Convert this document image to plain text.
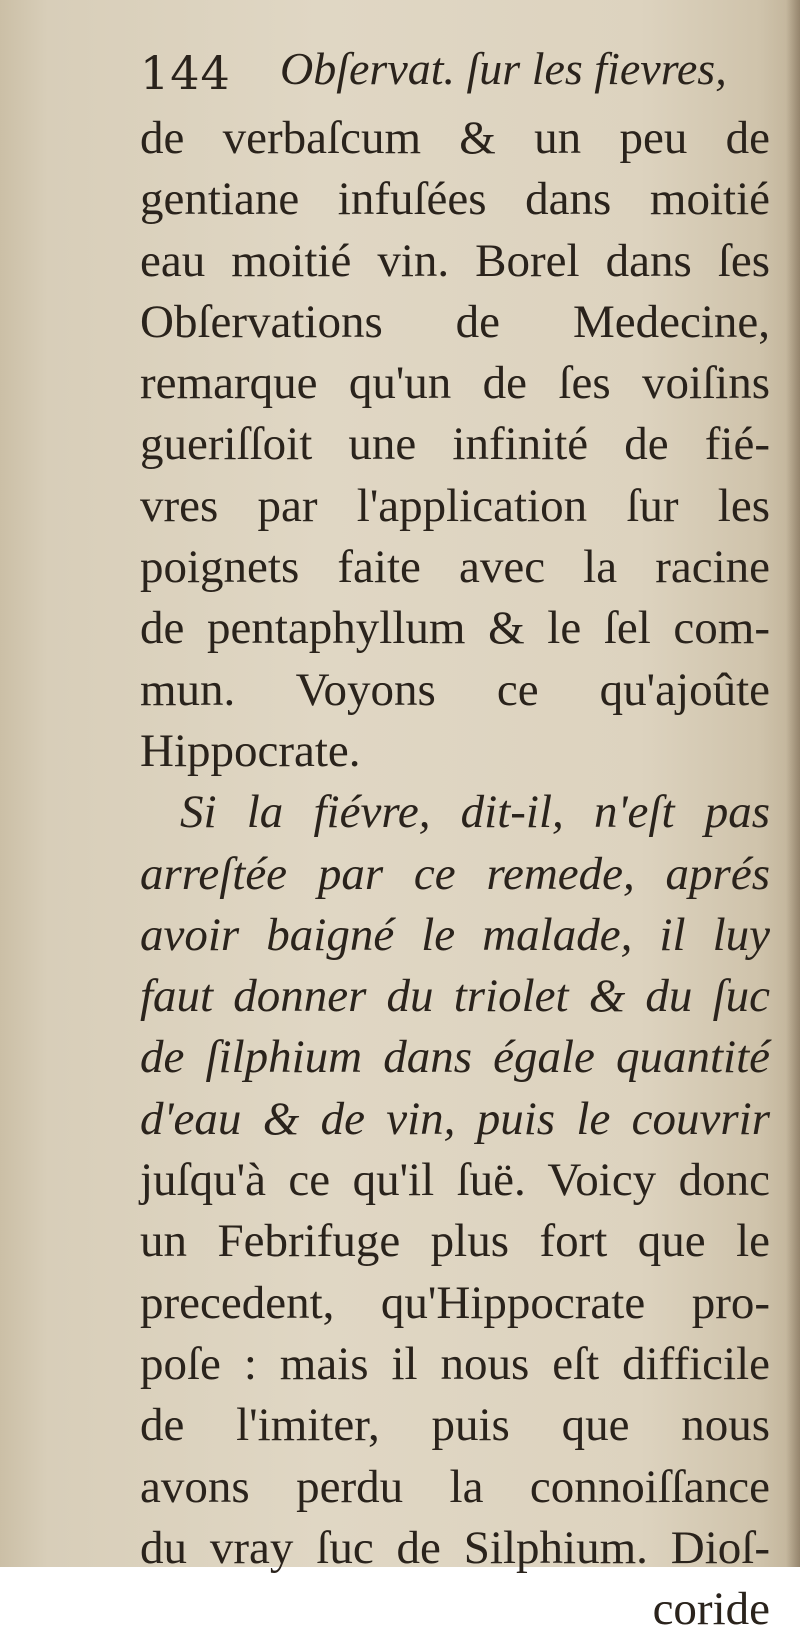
144 Obſervat. ſur les fievres,
de verbaſcum & un peu de
gentiane infuſées dans moitié
eau moitié vin. Borel dans ſes
Obſervations de Medecine,
remarque qu'un de ſes voiſins
gueriſſoit une infinité de fié-
vres par l'application ſur les
poignets faite avec la racine
de pentaphyllum & le ſel com-
mun. Voyons ce qu'ajoûte
Hippocrate.
Si la fiévre, dit-il, n'eſt pas
arreſtée par ce remede, aprés
avoir baigné le malade, il luy
faut donner du triolet & du ſuc
de ſilphium dans égale quantité
d'eau & de vin, puis le couvrir
juſqu'à ce qu'il ſuë. Voicy donc
un Febrifuge plus fort que le
precedent, qu'Hippocrate pro-
poſe : mais il nous eſt difficile
de l'imiter, puis que nous
avons perdu la connoiſſance
du vray ſuc de Silphium. Dioſ-
coride
